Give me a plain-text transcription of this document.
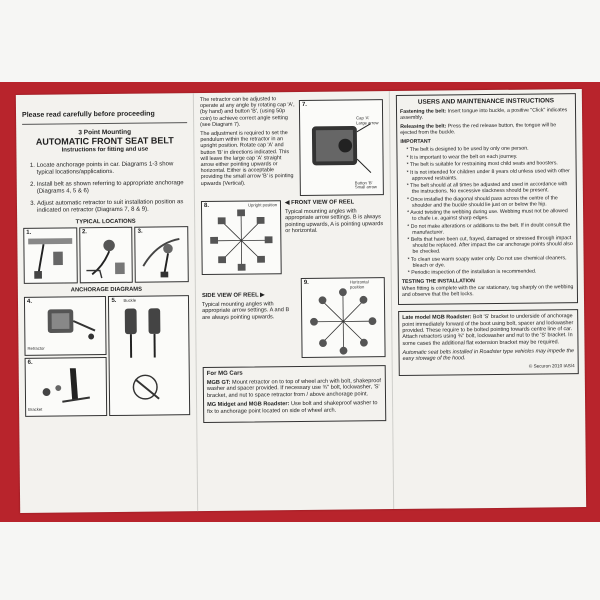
Please read carefully before proceeding
3 Point Mounting
AUTOMATIC FRONT SEAT BELT
Instructions for fitting and use
1. Locate anchorage points in car. Diagrams 1-3 show typical locations/applications.
2. Install belt as shown referring to appropriate anchorage (Diagrams 4, 5 & 6)
3. Adjust automatic retractor to suit installation position as indicated on retractor (Diagrams 7, 8 & 9).
TYPICAL LOCATIONS
1.	2.	3.
ANCHORAGE DIAGRAMS
4.
Retractor
6.
Bracket
5. Buckle

The retractor can be adjusted to operate at any angle by rotating cap 'A', (by hand) and button 'B', (using 50p coin) to achieve correct angle setting (see Diagram 7).

The adjustment is required to set the pendulum within the retractor in an upright position. Rotate cap 'A' and button 'B' in directions indicated. This will leave the large cap 'A' straight arrow either pointing upwards or horizontal. Either is acceptable providing the small arrow 'B' is pointing upwards (Vertical).

7.
Cap 'A' Large arrow
Button 'B' Small arrow
8.	Upright position ◀ FRONT VIEW OF REEL

Typical mounting angles with appropriate arrow settings. B is always pointing upwards, A is pointing upwards or horizontal.

SIDE VIEW OF REEL ▶

Typical mounting angles with appropriate arrow settings. A and B are always pointing upwards.

9.	Horizontal position
For MG Cars

MGB GT: Mount retractor on to top of wheel arch with bolt, shakeproof washer and spacer provided. If necessary use ¾" bolt, lockwasher, 'S' bracket, and nut to space retractor from / above anchorage point.

MG Midget and MGB Roadster: Use bolt and shakeproof washer to fix to anchorage point located on side of wheel arch.

USERS AND MAINTENANCE INSTRUCTIONS

Fastening the belt: Insert tongue into buckle, a positive "Click" indicates assembly.

Releasing the belt: Press the red release button, the tongue will be ejected from the buckle.

IMPORTANT
* The belt is designed to be used by only one person.
* It is important to wear the belt on each journey.
* The belt is suitable for restraining most child seats and boosters.
* It is not intended for children under 8 years old unless used with other approved restraints.
* The belt should at all times be adjusted and used in accordance with the instructions. No excessive slackness should be present.
* Once installed the diagonal should pass across the centre of the shoulder and the buckle should lie just on or below the hip.
* Avoid twisting the webbing during use. Webbing must not be allowed to chafe i.e. against sharp edges.
* Do not make alterations or additions to the belt. If in doubt consult the manufacturer.
* Belts that have been cut, frayed, damaged or stressed through impact should be replaced. After impact the car anchorage points should also be checked.
* To clean use warm soapy water only. Do not use chemical cleaners, bleach or dye.
* Periodic inspection of the installation is recommended.
TESTING THE INSTALLATION

When fitting is complete with the car stationary, tug sharply on the webbing and observe that the belt locks.

Late model MGB Roadster: Bolt 'S' bracket to underside of anchorage point immediately forward of the boot using bolt, spacer and lockwasher provided. These require to be bolted pointing towards centre line of car. Attach retractors using ¾" bolt, lockwasher and nut to the 'S' bracket. In some cases the additional flat extension bracket may be required.

Automatic seat belts installed in Roadster type vehicles may impede the easy stowage of the hood.

© Securon 2010 IAS/4
